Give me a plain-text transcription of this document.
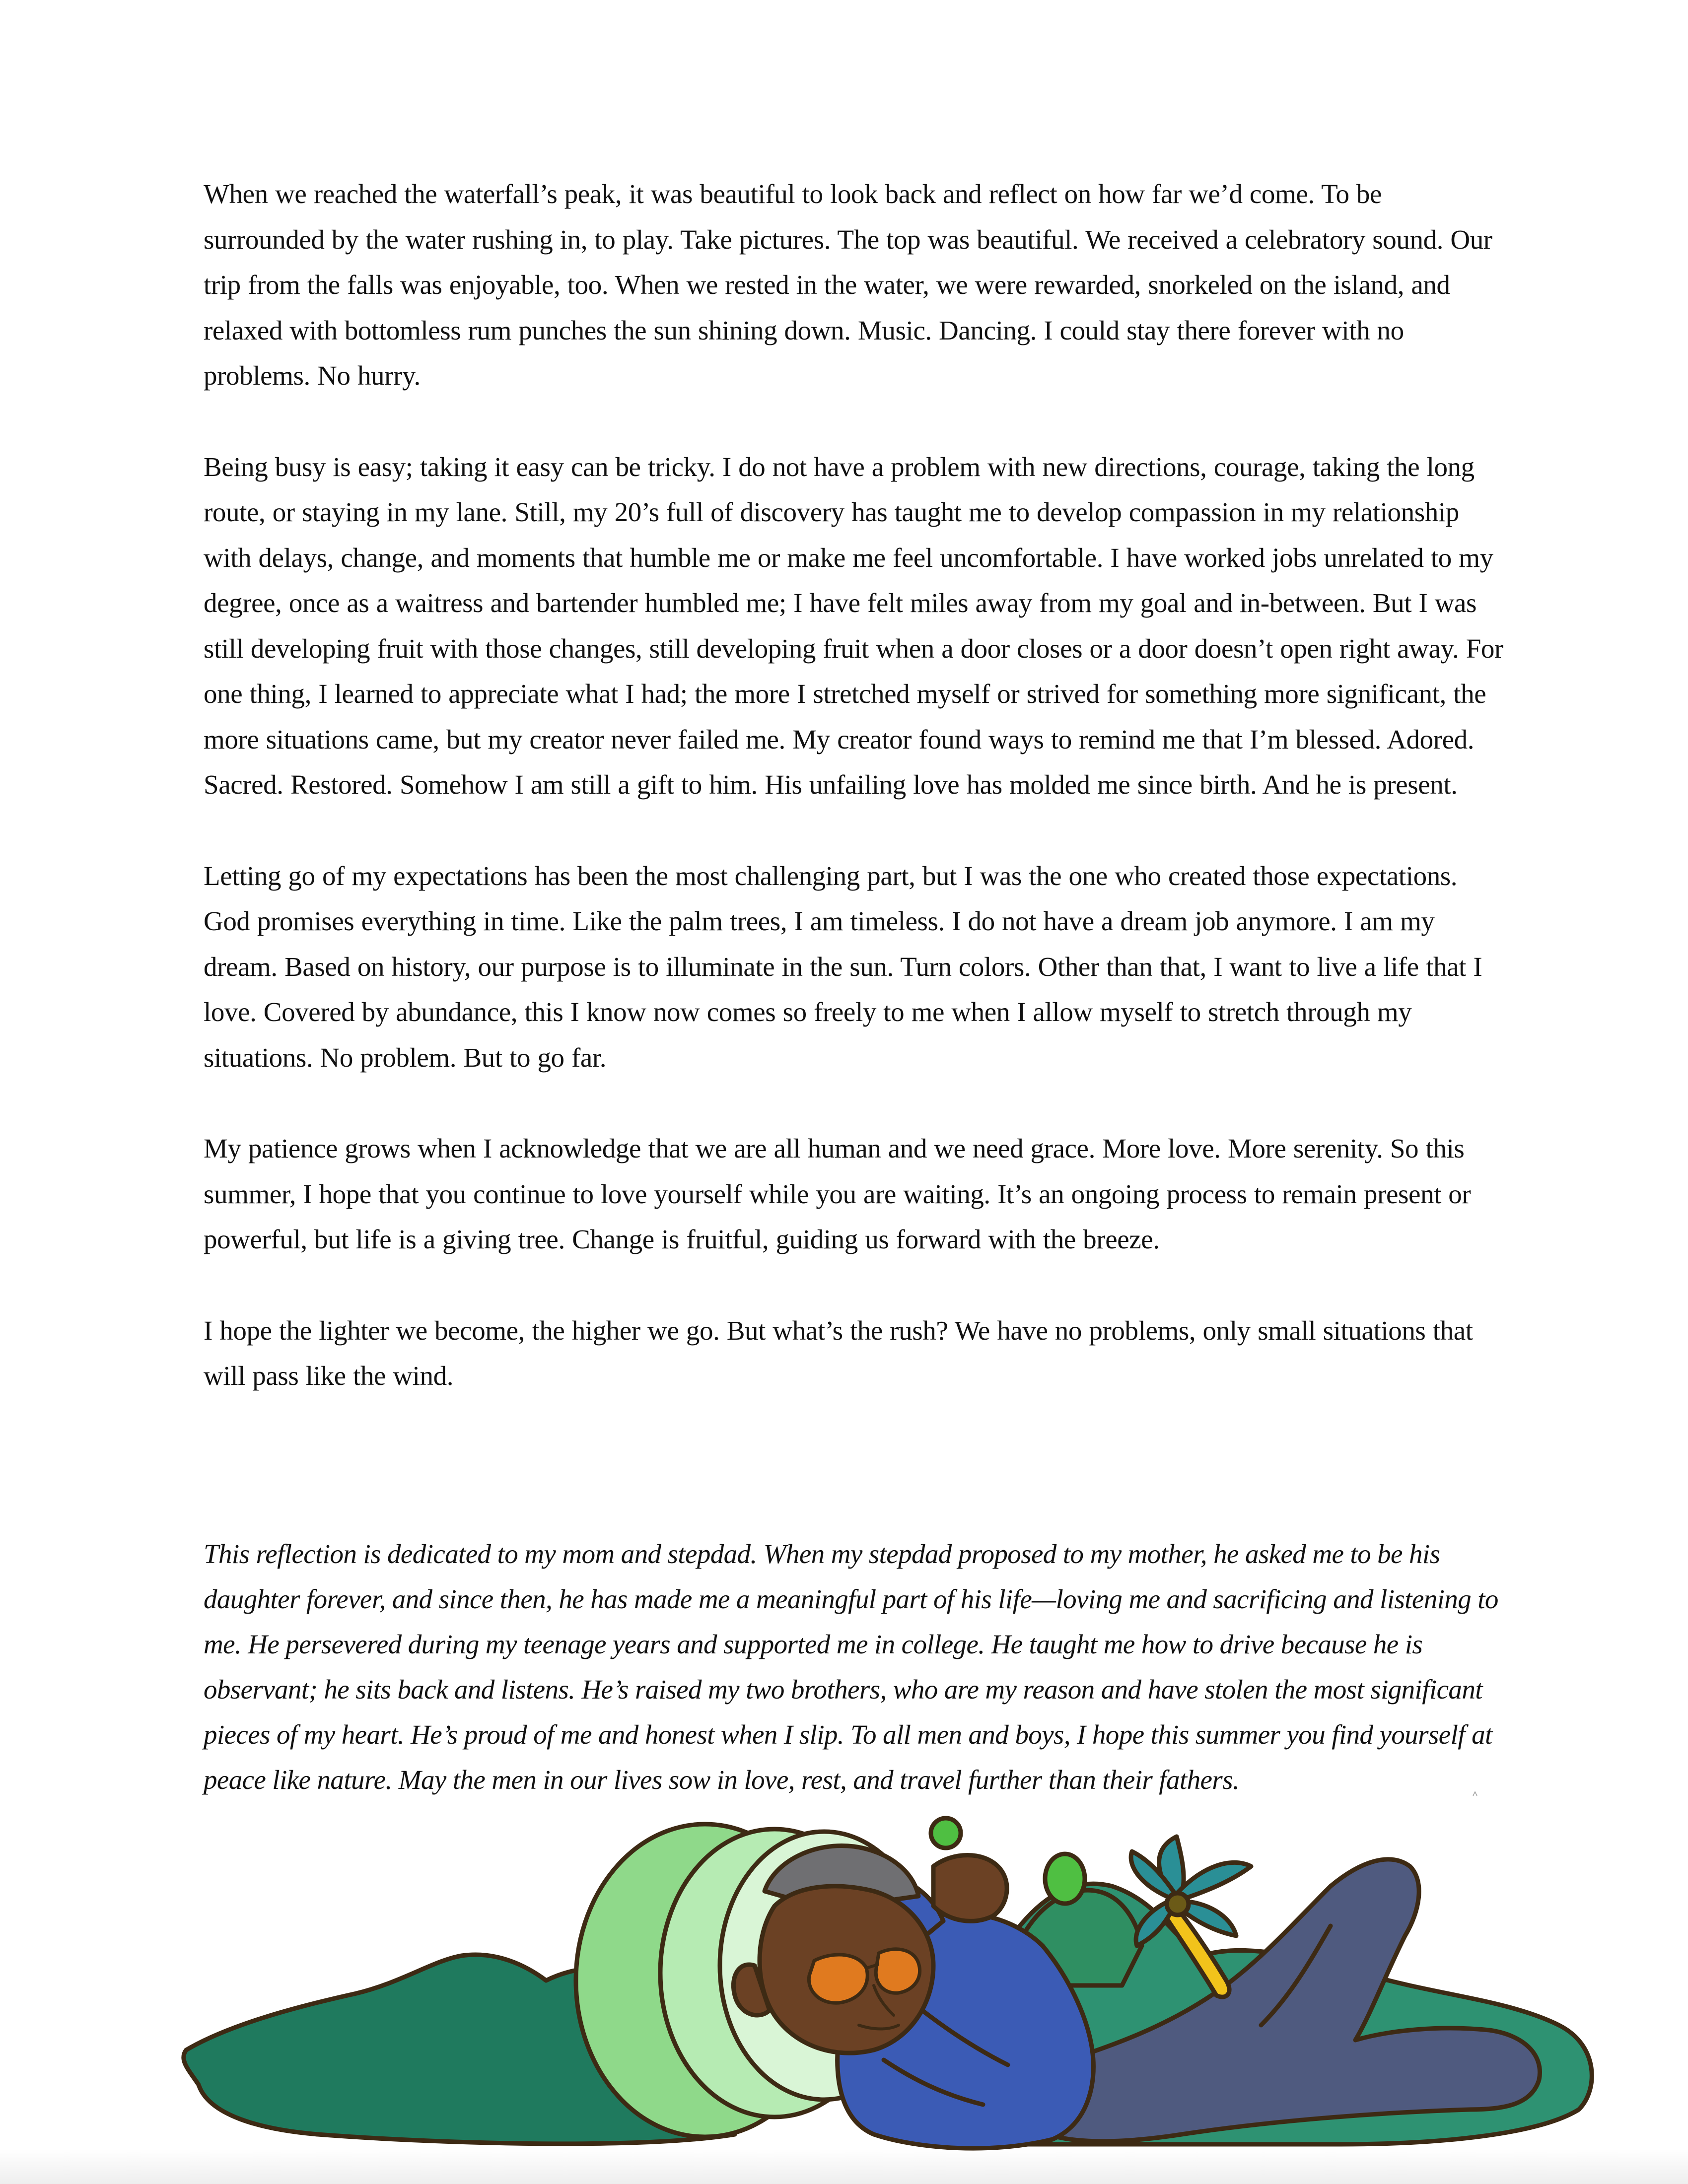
When we reached the waterfall’s peak, it was beautiful to look back and reflect on how far we’d come. To be surrounded by the water rushing in, to play. Take pictures. The top was beautiful. We received a celebratory sound. Our trip from the falls was enjoyable, too. When we rested in the water, we were rewarded, snorkeled on the island, and relaxed with bottomless rum punches the sun shining down. Music. Dancing. I could stay there forever with no problems. No hurry.

Being busy is easy; taking it easy can be tricky. I do not have a problem with new directions, courage, taking the long route, or staying in my lane. Still, my 20’s full of discovery has taught me to develop compassion in my relationship with delays, change, and moments that humble me or make me feel uncomfortable. I have worked jobs unrelated to my degree, once as a waitress and bartender humbled me; I have felt miles away from my goal and in-between. But I was still developing fruit with those changes, still developing fruit when a door closes or a door doesn’t open right away. For one thing, I learned to appreciate what I had; the more I stretched myself or strived for something more significant, the more situations came, but my creator never failed me. My creator found ways to remind me that I’m blessed. Adored. Sacred. Restored. Somehow I am still a gift to him. His unfailing love has molded me since birth. And he is present.

Letting go of my expectations has been the most challenging part, but I was the one who created those expectations. God promises everything in time. Like the palm trees, I am timeless. I do not have a dream job anymore. I am my dream. Based on history, our purpose is to illuminate in the sun. Turn colors. Other than that, I want to live a life that I love. Covered by abundance, this I know now comes so freely to me when I allow myself to stretch through my situations. No problem. But to go far.

My patience grows when I acknowledge that we are all human and we need grace. More love. More serenity. So this summer, I hope that you continue to love yourself while you are waiting. It’s an ongoing process to remain present or powerful, but life is a giving tree. Change is fruitful, guiding us forward with the breeze.

I hope the lighter we become, the higher we go. But what’s the rush? We have no problems, only small situations that will pass like the wind.

This reflection is dedicated to my mom and stepdad. When my stepdad proposed to my mother, he asked me to be his daughter forever, and since then, he has made me a meaningful part of his life—loving me and sacrificing and listening to me. He persevered during my teenage years and supported me in college. He taught me how to drive because he is observant; he sits back and listens. He’s raised my two brothers, who are my reason and have stolen the most significant pieces of my heart. He’s proud of me and honest when I slip. To all men and boys, I hope this summer you find yourself at peace like nature. May the men in our lives sow in love, rest, and travel further than their fathers.
